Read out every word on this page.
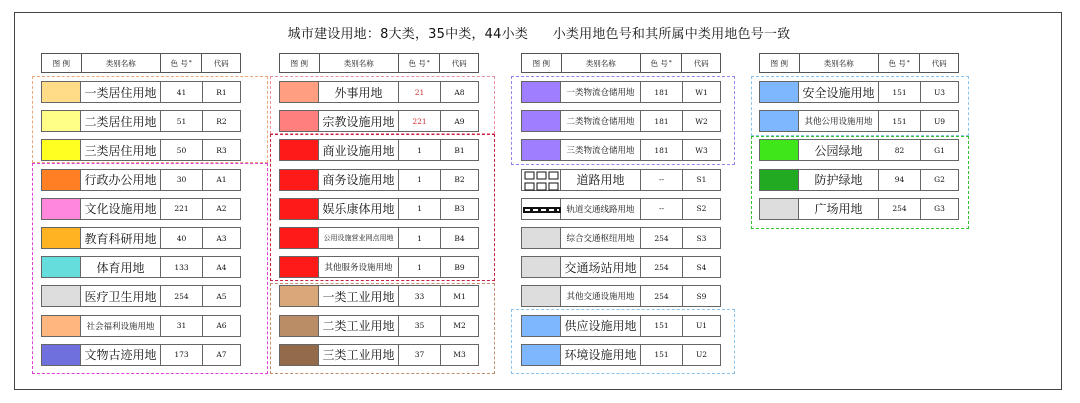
城市建设用地：8大类，35中类，44小类 小类用地色号和其所属中类用地色号一致
图 例	类别名称	色 号 *	代码
一类居住用地	41	R1
二类居住用地	51	R2
三类居住用地	50	R3
行政办公用地	30	A1
文化设施用地	221	A2
教育科研用地	40	A3
体育用地	133	A4
医疗卫生用地	254	A5
社会福利设施用地	31	A6
文物古迹用地	173	A7
图 例	类别名称	色 号 *	代码
外事用地	21	A8
宗教设施用地	221	A9
商业设施用地	1	B1
商务设施用地	1	B2
娱乐康体用地	1	B3
公用设施营业网点用地	1	B4
其他服务设施用地	1	B9
一类工业用地	33	M1
二类工业用地	35	M2
三类工业用地	37	M3
图 例	类别名称	色 号 *	代码
一类物流仓储用地	181	W1
二类物流仓储用地	181	W2
三类物流仓储用地	181	W3
道路用地	--	S1
轨道交通线路用地	--	S2
综合交通枢纽用地	254	S3
交通场站用地	254	S4
其他交通设施用地	254	S9
供应设施用地	151	U1
环境设施用地	151	U2
图 例	类别名称	色 号 *	代码
安全设施用地	151	U3
其他公用设施用地	151	U9
公园绿地	82	G1
防护绿地	94	G2
广场用地	254	G3
